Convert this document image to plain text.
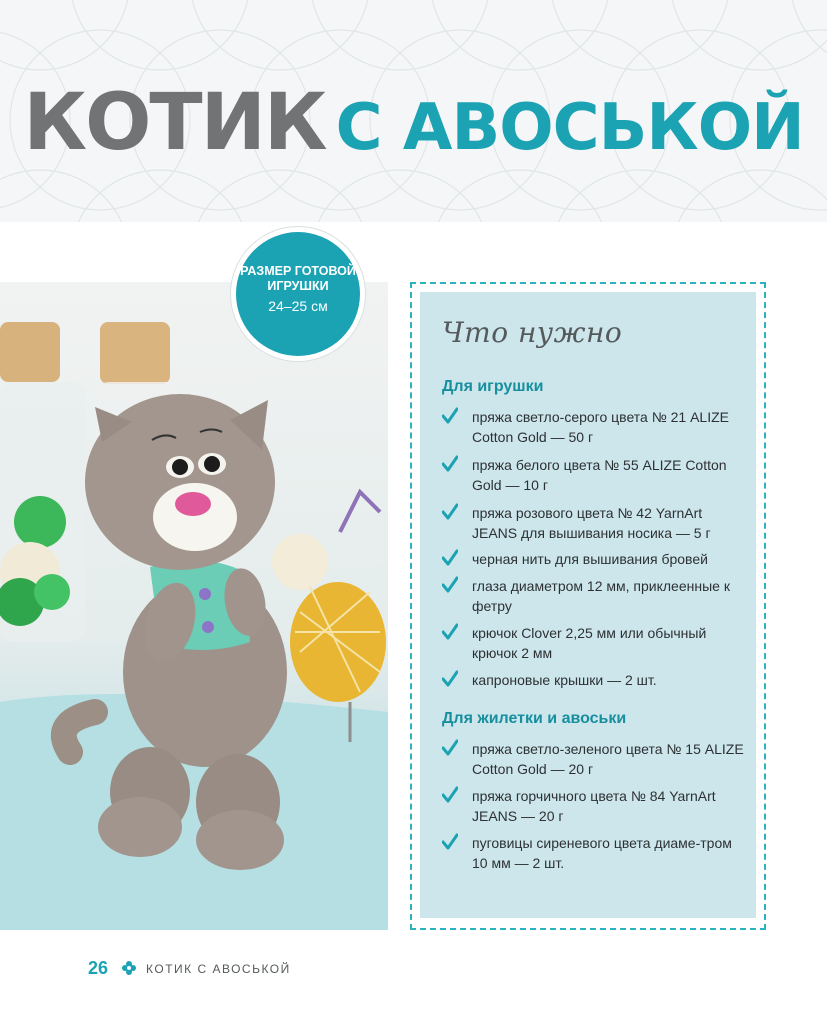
КОТИК С АВОСЬКОЙ
РАЗМЕР ГОТОВОЙ
ИГРУШКИ
24–25 см
Что нужно
Для игрушки
пряжа светло-серого цвета № 21 ALIZE Cotton Gold — 50 г
пряжа белого цвета № 55 ALIZE Cotton Gold — 10 г
пряжа розового цвета № 42 YarnArt JEANS для вышивания носика — 5 г
черная нить для вышивания бровей
глаза диаметром 12 мм, приклеенные к фетру
крючок Clover 2,25 мм или обычный крючок 2 мм
капроновые крышки — 2 шт.
Для жилетки и авоськи
пряжа светло-зеленого цвета № 15 ALIZE Cotton Gold — 20 г
пряжа горчичного цвета № 84 YarnArt JEANS — 20 г
пуговицы сиреневого цвета диаме-тром 10 мм — 2 шт.
26	КОТИК С АВОСЬКОЙ
